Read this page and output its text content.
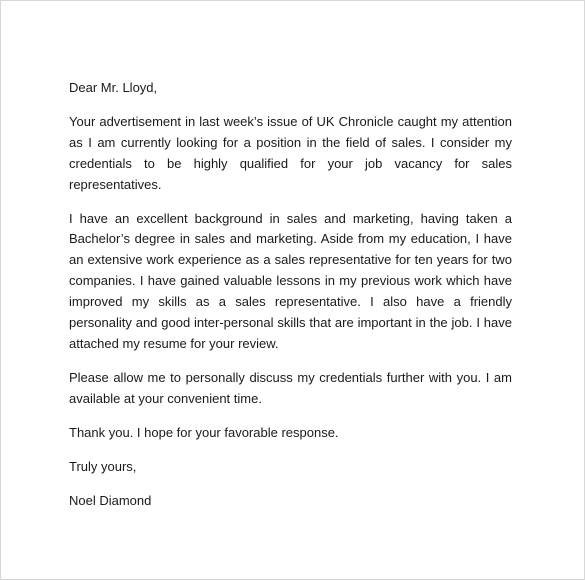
Dear Mr. Lloyd,

Your advertisement in last week’s issue of UK Chronicle caught my attention as I am currently looking for a position in the field of sales. I consider my credentials to be highly qualified for your job vacancy for sales representatives.

I have an excellent background in sales and marketing, having taken a Bachelor’s degree in sales and marketing. Aside from my education, I have an extensive work experience as a sales representative for ten years for two companies. I have gained valuable lessons in my previous work which have improved my skills as a sales representative. I also have a friendly personality and good inter-personal skills that are important in the job. I have attached my resume for your review.

Please allow me to personally discuss my credentials further with you. I am available at your convenient time.

Thank you. I hope for your favorable response.

Truly yours,

Noel Diamond
